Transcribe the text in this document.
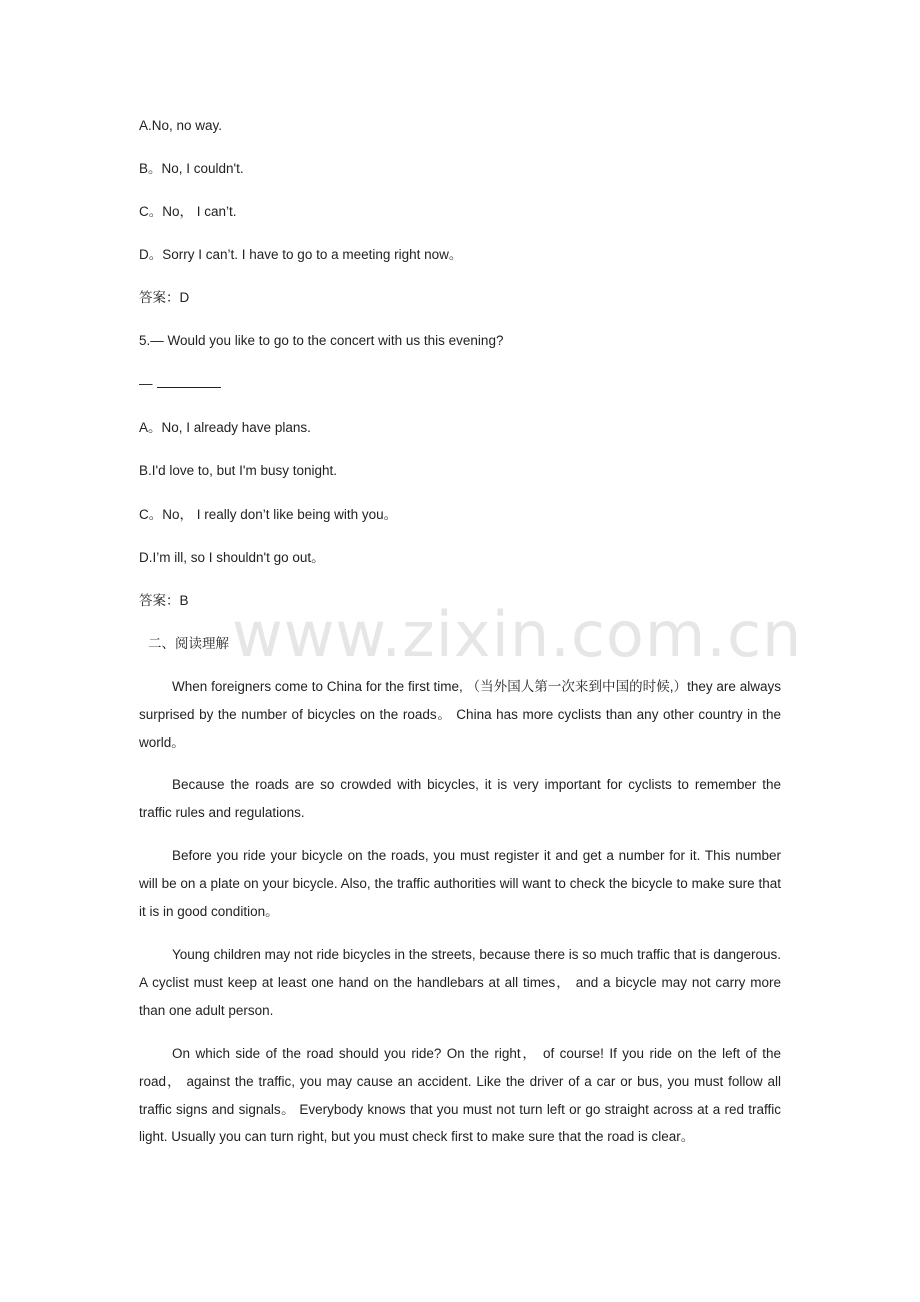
A.No, no way.
B。No, I couldn't.
C。No， I can’t.
D。Sorry I can’t. I have to go to a meeting right now。
答案：D
5.— Would you like to go to the concert with us this evening?
—
A。No, I already have plans.
B.I'd love to, but I'm busy tonight.
C。No， I really don’t like being with you。
D.I’m ill, so I shouldn't go out。
答案：B www.zixin.com.cn
二、阅读理解
When foreigners come to China for the first time, （当外国人第一次来到中国的时候,）they are always surprised by the number of bicycles on the roads。 China has more cyclists than any other country in the world。
Because the roads are so crowded with bicycles, it is very important for cyclists to remember the traffic rules and regulations.
Before you ride your bicycle on the roads, you must register it and get a number for it. This number will be on a plate on your bicycle. Also, the traffic authorities will want to check the bicycle to make sure that it is in good condition。
Young children may not ride bicycles in the streets, because there is so much traffic that is dangerous. A cyclist must keep at least one hand on the handlebars at all times， and a bicycle may not carry more than one adult person.
On which side of the road should you ride? On the right， of course! If you ride on the left of the road， against the traffic, you may cause an accident. Like the driver of a car or bus, you must follow all traffic signs and signals。 Everybody knows that you must not turn left or go straight across at a red traffic light. Usually you can turn right, but you must check first to make sure that the road is clear。
